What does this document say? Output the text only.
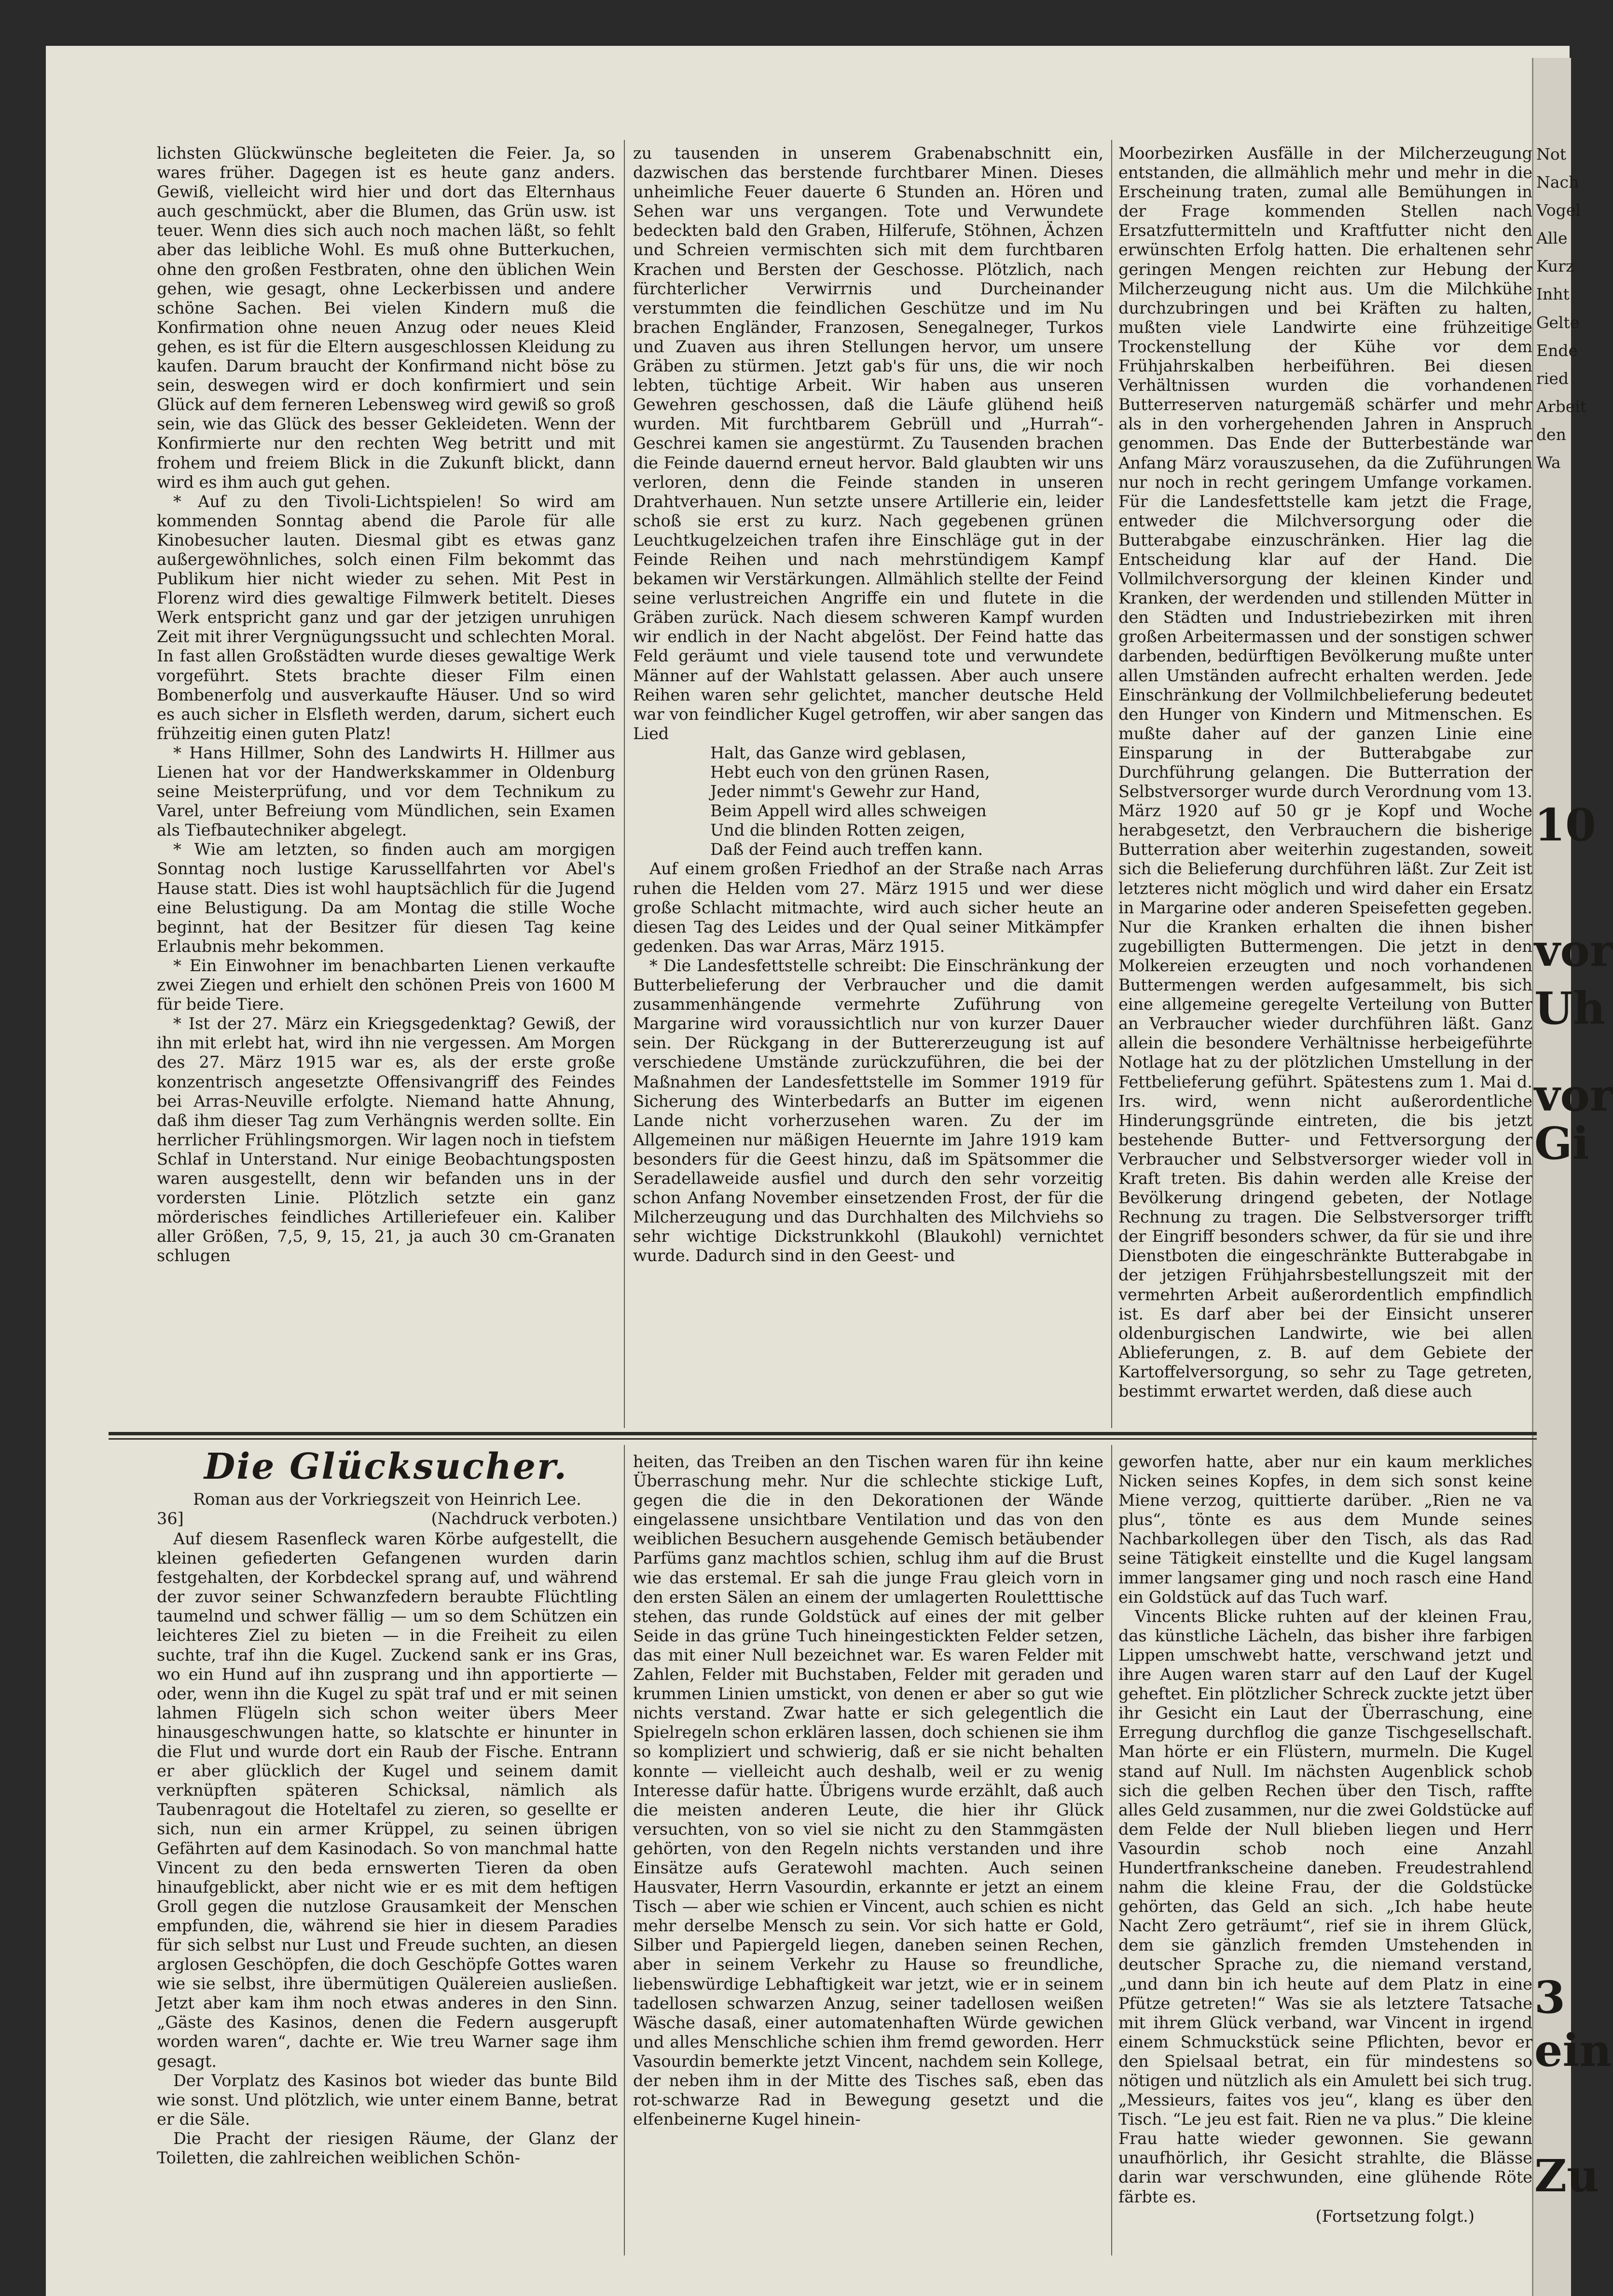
Not
Nach
Vogel
Alle
Kurz
Inht
Gelte
Ende
ried
Arbeit
den
Wa
10
vor
Uh
vor
Gi
3
ein
Zu

lichsten Glückwünsche begleiteten die Feier. Ja, so wares früher. Dagegen ist es heute ganz anders. Gewiß, vielleicht wird hier und dort das Elternhaus auch geschmückt, aber die Blumen, das Grün usw. ist teuer. Wenn dies sich auch noch machen läßt, so fehlt aber das leibliche Wohl. Es muß ohne Butterkuchen, ohne den großen Festbraten, ohne den üblichen Wein gehen, wie gesagt, ohne Leckerbissen und andere schöne Sachen. Bei vielen Kindern muß die Konfirmation ohne neuen Anzug oder neues Kleid gehen, es ist für die Eltern ausgeschlossen Kleidung zu kaufen. Darum braucht der Konfirmand nicht böse zu sein, deswegen wird er doch konfirmiert und sein Glück auf dem ferneren Lebensweg wird gewiß so groß sein, wie das Glück des besser Gekleideten. Wenn der Konfirmierte nur den rechten Weg betritt und mit frohem und freiem Blick in die Zukunft blickt, dann wird es ihm auch gut gehen.

* Auf zu den Tivoli-Lichtspielen! So wird am kommenden Sonntag abend die Parole für alle Kinobesucher lauten. Diesmal gibt es etwas ganz außergewöhnliches, solch einen Film bekommt das Publikum hier nicht wieder zu sehen. Mit Pest in Florenz wird dies gewaltige Filmwerk betitelt. Dieses Werk entspricht ganz und gar der jetzigen unruhigen Zeit mit ihrer Vergnügungssucht und schlechten Moral. In fast allen Großstädten wurde dieses gewaltige Werk vorgeführt. Stets brachte dieser Film einen Bombenerfolg und ausverkaufte Häuser. Und so wird es auch sicher in Elsfleth werden, darum, sichert euch frühzeitig einen guten Platz!

* Hans Hillmer, Sohn des Landwirts H. Hillmer aus Lienen hat vor der Handwerkskammer in Oldenburg seine Meisterprüfung, und vor dem Technikum zu Varel, unter Befreiung vom Mündlichen, sein Examen als Tiefbautechniker abgelegt.

* Wie am letzten, so finden auch am morgigen Sonntag noch lustige Karussellfahrten vor Abel's Hause statt. Dies ist wohl hauptsächlich für die Jugend eine Belustigung. Da am Montag die stille Woche beginnt, hat der Besitzer für diesen Tag keine Erlaubnis mehr bekommen.

* Ein Einwohner im benachbarten Lienen verkaufte zwei Ziegen und erhielt den schönen Preis von 1600 M für beide Tiere.

* Ist der 27. März ein Kriegsgedenktag? Gewiß, der ihn mit erlebt hat, wird ihn nie vergessen. Am Morgen des 27. März 1915 war es, als der erste große konzentrisch angesetzte Offensivangriff des Feindes bei Arras-Neuville erfolgte. Niemand hatte Ahnung, daß ihm dieser Tag zum Verhängnis werden sollte. Ein herrlicher Frühlingsmorgen. Wir lagen noch in tiefstem Schlaf in Unterstand. Nur einige Beobachtungsposten waren ausgestellt, denn wir befanden uns in der vordersten Linie. Plötzlich setzte ein ganz mörderisches feindliches Artilleriefeuer ein. Kaliber aller Größen, 7,5, 9, 15, 21, ja auch 30 cm-Granaten schlugen

zu tausenden in unserem Grabenabschnitt ein, dazwischen das berstende furchtbarer Minen. Dieses unheimliche Feuer dauerte 6 Stunden an. Hören und Sehen war uns vergangen. Tote und Verwundete bedeckten bald den Graben, Hilferufe, Stöhnen, Ächzen und Schreien vermischten sich mit dem furchtbaren Krachen und Bersten der Geschosse. Plötzlich, nach fürchterlicher Verwirrnis und Durcheinander verstummten die feindlichen Geschütze und im Nu brachen Engländer, Franzosen, Senegalneger, Turkos und Zuaven aus ihren Stellungen hervor, um unsere Gräben zu stürmen. Jetzt gab's für uns, die wir noch lebten, tüchtige Arbeit. Wir haben aus unseren Gewehren geschossen, daß die Läufe glühend heiß wurden. Mit furchtbarem Gebrüll und „Hurrah“-Geschrei kamen sie angestürmt. Zu Tausenden brachen die Feinde dauernd erneut hervor. Bald glaubten wir uns verloren, denn die Feinde standen in unseren Drahtverhauen. Nun setzte unsere Artillerie ein, leider schoß sie erst zu kurz. Nach gegebenen grünen Leuchtkugelzeichen trafen ihre Einschläge gut in der Feinde Reihen und nach mehrstündigem Kampf bekamen wir Verstärkungen. Allmählich stellte der Feind seine verlustreichen Angriffe ein und flutete in die Gräben zurück. Nach diesem schweren Kampf wurden wir endlich in der Nacht abgelöst. Der Feind hatte das Feld geräumt und viele tausend tote und verwundete Männer auf der Wahlstatt gelassen. Aber auch unsere Reihen waren sehr gelichtet, mancher deutsche Held war von feindlicher Kugel getroffen, wir aber sangen das Lied

Halt, das Ganze wird geblasen,

Hebt euch von den grünen Rasen,

Jeder nimmt's Gewehr zur Hand,

Beim Appell wird alles schweigen

Und die blinden Rotten zeigen,

Daß der Feind auch treffen kann.

Auf einem großen Friedhof an der Straße nach Arras ruhen die Helden vom 27. März 1915 und wer diese große Schlacht mitmachte, wird auch sicher heute an diesen Tag des Leides und der Qual seiner Mitkämpfer gedenken. Das war Arras, März 1915.

* Die Landesfettstelle schreibt: Die Einschränkung der Butterbelieferung der Verbraucher und die damit zusammenhängende vermehrte Zuführung von Margarine wird voraussichtlich nur von kurzer Dauer sein. Der Rückgang in der Buttererzeugung ist auf verschiedene Umstände zurückzuführen, die bei der Maßnahmen der Landesfettstelle im Sommer 1919 für Sicherung des Winterbedarfs an Butter im eigenen Lande nicht vorherzusehen waren. Zu der im Allgemeinen nur mäßigen Heuernte im Jahre 1919 kam besonders für die Geest hinzu, daß im Spätsommer die Seradellaweide ausfiel und durch den sehr vorzeitig schon Anfang November einsetzenden Frost, der für die Milcherzeugung und das Durchhalten des Milchviehs so sehr wichtige Dickstrunkkohl (Blaukohl) vernichtet wurde. Dadurch sind in den Geest- und

Moorbezirken Ausfälle in der Milcherzeugung entstanden, die allmählich mehr und mehr in die Erscheinung traten, zumal alle Bemühungen in der Frage kommenden Stellen nach Ersatzfuttermitteln und Kraftfutter nicht den erwünschten Erfolg hatten. Die erhaltenen sehr geringen Mengen reichten zur Hebung der Milcherzeugung nicht aus. Um die Milchkühe durchzubringen und bei Kräften zu halten, mußten viele Landwirte eine frühzeitige Trockenstellung der Kühe vor dem Frühjahrskalben herbeiführen. Bei diesen Verhältnissen wurden die vorhandenen Butterreserven naturgemäß schärfer und mehr als in den vorhergehenden Jahren in Anspruch genommen. Das Ende der Butterbestände war Anfang März vorauszusehen, da die Zuführungen nur noch in recht geringem Umfange vorkamen. Für die Landesfettstelle kam jetzt die Frage, entweder die Milchversorgung oder die Butterabgabe einzuschränken. Hier lag die Entscheidung klar auf der Hand. Die Vollmilchversorgung der kleinen Kinder und Kranken, der werdenden und stillenden Mütter in den Städten und Industriebezirken mit ihren großen Arbeitermassen und der sonstigen schwer darbenden, bedürftigen Bevölkerung mußte unter allen Umständen aufrecht erhalten werden. Jede Einschränkung der Vollmilchbelieferung bedeutet den Hunger von Kindern und Mitmenschen. Es mußte daher auf der ganzen Linie eine Einsparung in der Butterabgabe zur Durchführung gelangen. Die Butterration der Selbstversorger wurde durch Verordnung vom 13. März 1920 auf 50 gr je Kopf und Woche herabgesetzt, den Verbrauchern die bisherige Butterration aber weiterhin zugestanden, soweit sich die Belieferung durchführen läßt. Zur Zeit ist letzteres nicht möglich und wird daher ein Ersatz in Margarine oder anderen Speisefetten gegeben. Nur die Kranken erhalten die ihnen bisher zugebilligten Buttermengen. Die jetzt in den Molkereien erzeugten und noch vorhandenen Buttermengen werden aufgesammelt, bis sich eine allgemeine geregelte Verteilung von Butter an Verbraucher wieder durchführen läßt. Ganz allein die besondere Verhältnisse herbeigeführte Notlage hat zu der plötzlichen Umstellung in der Fettbelieferung geführt. Spätestens zum 1. Mai d. Irs. wird, wenn nicht außerordentliche Hinderungsgründe eintreten, die bis jetzt bestehende Butter- und Fettversorgung der Verbraucher und Selbstversorger wieder voll in Kraft treten. Bis dahin werden alle Kreise der Bevölkerung dringend gebeten, der Notlage Rechnung zu tragen. Die Selbstversorger trifft der Eingriff besonders schwer, da für sie und ihre Dienstboten die eingeschränkte Butterabgabe in der jetzigen Frühjahrsbestellungszeit mit der vermehrten Arbeit außerordentlich empfindlich ist. Es darf aber bei der Einsicht unserer oldenburgischen Landwirte, wie bei allen Ablieferungen, z. B. auf dem Gebiete der Kartoffelversorgung, so sehr zu Tage getreten, bestimmt erwartet werden, daß diese auch

Die Glücksucher.

Roman aus der Vorkriegszeit von Heinrich Lee.

36]	(Nachdruck verboten.)

Auf diesem Rasenfleck waren Körbe aufgestellt, die kleinen gefiederten Gefangenen wurden darin festgehalten, der Korbdeckel sprang auf, und während der zuvor seiner Schwanzfedern beraubte Flüchtling taumelnd und schwer fällig — um so dem Schützen ein leichteres Ziel zu bieten — in die Freiheit zu eilen suchte, traf ihn die Kugel. Zuckend sank er ins Gras, wo ein Hund auf ihn zusprang und ihn apportierte — oder, wenn ihn die Kugel zu spät traf und er mit seinen lahmen Flügeln sich schon weiter übers Meer hinausgeschwungen hatte, so klatschte er hinunter in die Flut und wurde dort ein Raub der Fische. Entrann er aber glücklich der Kugel und seinem damit verknüpften späteren Schicksal, nämlich als Taubenragout die Hoteltafel zu zieren, so gesellte er sich, nun ein armer Krüppel, zu seinen übrigen Gefährten auf dem Kasinodach. So von manchmal hatte Vincent zu den beda ernswerten Tieren da oben hinaufgeblickt, aber nicht wie er es mit dem heftigen Groll gegen die nutzlose Grausamkeit der Menschen empfunden, die, während sie hier in diesem Paradies für sich selbst nur Lust und Freude suchten, an diesen arglosen Geschöpfen, die doch Geschöpfe Gottes waren wie sie selbst, ihre übermütigen Quälereien ausließen. Jetzt aber kam ihm noch etwas anderes in den Sinn. „Gäste des Kasinos, denen die Federn ausgerupft worden waren“, dachte er. Wie treu Warner sage ihm gesagt.

Der Vorplatz des Kasinos bot wieder das bunte Bild wie sonst. Und plötzlich, wie unter einem Banne, betrat er die Säle.

Die Pracht der riesigen Räume, der Glanz der Toiletten, die zahlreichen weiblichen Schön-

heiten, das Treiben an den Tischen waren für ihn keine Überraschung mehr. Nur die schlechte stickige Luft, gegen die die in den Dekorationen der Wände eingelassene unsichtbare Ventilation und das von den weiblichen Besuchern ausgehende Gemisch betäubender Parfüms ganz machtlos schien, schlug ihm auf die Brust wie das erstemal. Er sah die junge Frau gleich vorn in den ersten Sälen an einem der umlagerten Rouletttische stehen, das runde Goldstück auf eines der mit gelber Seide in das grüne Tuch hineingestickten Felder setzen, das mit einer Null bezeichnet war. Es waren Felder mit Zahlen, Felder mit Buchstaben, Felder mit geraden und krummen Linien umstickt, von denen er aber so gut wie nichts verstand. Zwar hatte er sich gelegentlich die Spielregeln schon erklären lassen, doch schienen sie ihm so kompliziert und schwierig, daß er sie nicht behalten konnte — vielleicht auch deshalb, weil er zu wenig Interesse dafür hatte. Übrigens wurde erzählt, daß auch die meisten anderen Leute, die hier ihr Glück versuchten, von so viel sie nicht zu den Stammgästen gehörten, von den Regeln nichts verstanden und ihre Einsätze aufs Geratewohl machten. Auch seinen Hausvater, Herrn Vasourdin, erkannte er jetzt an einem Tisch — aber wie schien er Vincent, auch schien es nicht mehr derselbe Mensch zu sein. Vor sich hatte er Gold, Silber und Papiergeld liegen, daneben seinen Rechen, aber in seinem Verkehr zu Hause so freundliche, liebenswürdige Lebhaftigkeit war jetzt, wie er in seinem tadellosen schwarzen Anzug, seiner tadellosen weißen Wäsche dasaß, einer automatenhaften Würde gewichen und alles Menschliche schien ihm fremd geworden. Herr Vasourdin bemerkte jetzt Vincent, nachdem sein Kollege, der neben ihm in der Mitte des Tisches saß, eben das rot-schwarze Rad in Bewegung gesetzt und die elfenbeinerne Kugel hinein-

geworfen hatte, aber nur ein kaum merkliches Nicken seines Kopfes, in dem sich sonst keine Miene verzog, quittierte darüber. „Rien ne va plus“, tönte es aus dem Munde seines Nachbarkollegen über den Tisch, als das Rad seine Tätigkeit einstellte und die Kugel langsam immer langsamer ging und noch rasch eine Hand ein Goldstück auf das Tuch warf.

Vincents Blicke ruhten auf der kleinen Frau, das künstliche Lächeln, das bisher ihre farbigen Lippen umschwebt hatte, verschwand jetzt und ihre Augen waren starr auf den Lauf der Kugel geheftet. Ein plötzlicher Schreck zuckte jetzt über ihr Gesicht ein Laut der Überraschung, eine Erregung durchflog die ganze Tischgesellschaft. Man hörte er ein Flüstern, murmeln. Die Kugel stand auf Null. Im nächsten Augenblick schob sich die gelben Rechen über den Tisch, raffte alles Geld zusammen, nur die zwei Goldstücke auf dem Felde der Null blieben liegen und Herr Vasourdin schob noch eine Anzahl Hundertfrankscheine daneben. Freudestrahlend nahm die kleine Frau, der die Goldstücke gehörten, das Geld an sich. „Ich habe heute Nacht Zero geträumt“, rief sie in ihrem Glück, dem sie gänzlich fremden Umstehenden in deutscher Sprache zu, die niemand verstand, „und dann bin ich heute auf dem Platz in eine Pfütze getreten!“ Was sie als letztere Tatsache mit ihrem Glück verband, war Vincent in irgend einem Schmuckstück seine Pflichten, bevor er den Spielsaal betrat, ein für mindestens so nötigen und nützlich als ein Amulett bei sich trug. „Messieurs, faites vos jeu“, klang es über den Tisch. “Le jeu est fait. Rien ne va plus.” Die kleine Frau hatte wieder gewonnen. Sie gewann unaufhörlich, ihr Gesicht strahlte, die Blässe darin war verschwunden, eine glühende Röte färbte es.

(Fortsetzung folgt.)
